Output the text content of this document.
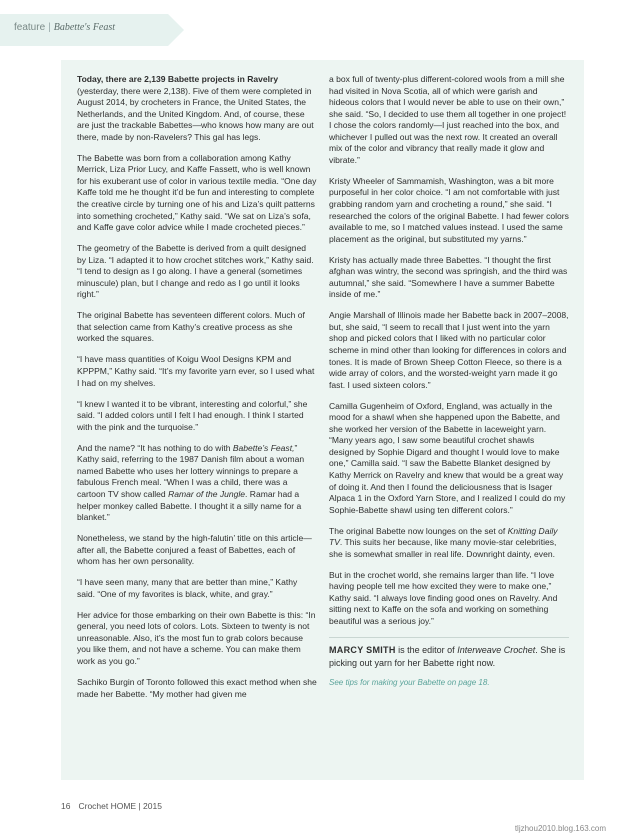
feature | Babette's Feast

Today, there are 2,139 Babette projects in Ravelry (yesterday, there were 2,138). Five of them were completed in August 2014, by crocheters in France, the United States, the Netherlands, and the United Kingdom. And, of course, these are just the trackable Babettes—who knows how many are out there, made by non-Ravelers? This gal has legs.

The Babette was born from a collaboration among Kathy Merrick, Liza Prior Lucy, and Kaffe Fassett, who is well known for his exuberant use of color in various textile media. “One day Kaffe told me he thought it’d be fun and interesting to complete the creative circle by turning one of his and Liza’s quilt patterns into something crocheted,” Kathy said. “We sat on Liza’s sofa, and Kaffe gave color advice while I made crocheted pieces.”

The geometry of the Babette is derived from a quilt designed by Liza. “I adapted it to how crochet stitches work,” Kathy said. “I tend to design as I go along. I have a general (sometimes minuscule) plan, but I change and redo as I go until it looks right.”

The original Babette has seventeen different colors. Much of that selection came from Kathy’s creative process as she worked the squares.

“I have mass quantities of Koigu Wool Designs KPM and KPPPM,” Kathy said. “It’s my favorite yarn ever, so I used what I had on my shelves.

“I knew I wanted it to be vibrant, interesting and colorful,” she said. “I added colors until I felt I had enough. I think I started with the pink and the turquoise.”

And the name? “It has nothing to do with Babette’s Feast,” Kathy said, referring to the 1987 Danish film about a woman named Babette who uses her lottery winnings to prepare a fabulous French meal. “When I was a child, there was a cartoon TV show called Ramar of the Jungle. Ramar had a helper monkey called Babette. I thought it a silly name for a blanket.”

Nonetheless, we stand by the high-falutin’ title on this article—after all, the Babette conjured a feast of Babettes, each of whom has her own personality.

“I have seen many, many that are better than mine,” Kathy said. “One of my favorites is black, white, and gray.”

Her advice for those embarking on their own Babette is this: “In general, you need lots of colors. Lots. Sixteen to twenty is not unreasonable. Also, it’s the most fun to grab colors because you like them, and not have a scheme. You can make them work as you go.”

Sachiko Burgin of Toronto followed this exact method when she made her Babette. “My mother had given me

a box full of twenty-plus different-colored wools from a mill she had visited in Nova Scotia, all of which were garish and hideous colors that I would never be able to use on their own,” she said. “So, I decided to use them all together in one project! I chose the colors randomly—I just reached into the box, and whichever I pulled out was the next row. It created an overall mix of the color and vibrancy that really made it glow and vibrate.”

Kristy Wheeler of Sammamish, Washington, was a bit more purposeful in her color choice. “I am not comfortable with just grabbing random yarn and crocheting a round,” she said. “I researched the colors of the original Babette. I had fewer colors available to me, so I matched values instead. I used the same placement as the original, but substituted my yarns.”

Kristy has actually made three Babettes. “I thought the first afghan was wintry, the second was springish, and the third was autumnal,” she said. “Somewhere I have a summer Babette inside of me.”

Angie Marshall of Illinois made her Babette back in 2007–2008, but, she said, “I seem to recall that I just went into the yarn shop and picked colors that I liked with no particular color scheme in mind other than looking for differences in colors and tones. It is made of Brown Sheep Cotton Fleece, so there is a wide array of colors, and the worsted-weight yarn made it go fast. I used sixteen colors.”

Camilla Gugenheim of Oxford, England, was actually in the mood for a shawl when she happened upon the Babette, and she worked her version of the Babette in laceweight yarn. “Many years ago, I saw some beautiful crochet shawls designed by Sophie Digard and thought I would love to make one,” Camilla said. “I saw the Babette Blanket designed by Kathy Merrick on Ravelry and knew that would be a great way of doing it. And then I found the deliciousness that is Isager Alpaca 1 in the Oxford Yarn Store, and I realized I could do my Sophie-Babette shawl using ten different colors.”

The original Babette now lounges on the set of Knitting Daily TV. This suits her because, like many movie-star celebrities, she is somewhat smaller in real life. Downright dainty, even.

But in the crochet world, she remains larger than life. “I love having people tell me how excited they were to make one,” Kathy said. “I always love finding good ones on Ravelry. And sitting next to Kaffe on the sofa and working on something beautiful was a serious joy.”

MARCY SMITH is the editor of Interweave Crochet. She is picking out yarn for her Babette right now.
See tips for making your Babette on page 18.
16 Crochet HOME | 2015
tljzhou2010.blog.163.com
